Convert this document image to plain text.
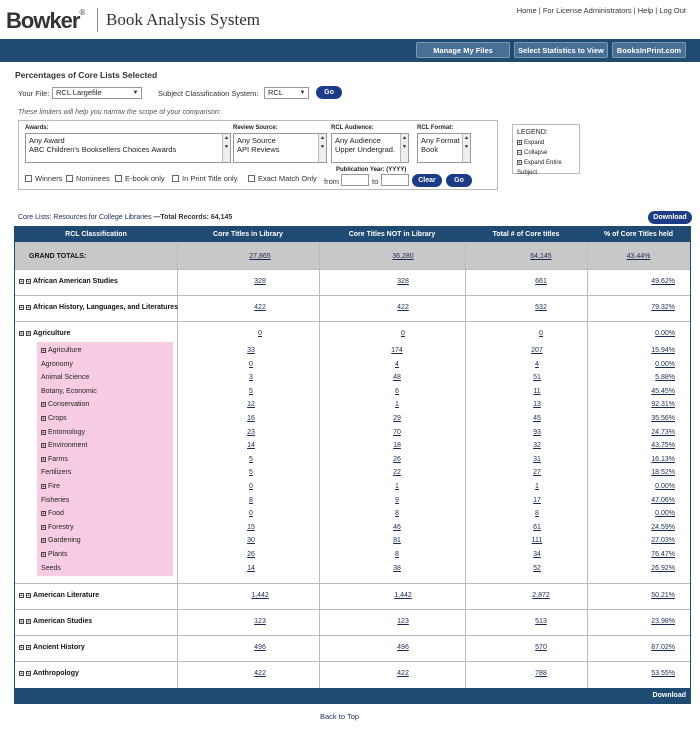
Bowker® Book Analysis System	Home | For License Administrators | Help | Log Out
Manage My Files	Select Statistics to View	BooksInPrint.com
Percentages of Core Lists Selected
Your File: RCL Largefile	▼	Subject Classification System:	RCL	▼	Go
These limiters will help you narrow the scope of your comparison:
Awards:
Any Award
ABC Children's Booksellers Choices Awards
▲
▼
Review Source:
Any Source
API Reviews
▲
▼
RCL Audience:
Any Audience
Upper Undergrad.
▲
▼
RCL Format:
Any Format
Book
▲
▼
Winners	Nominees	E-book only	In Print Title only	Exact Match Only
Publication Year: (YYYY)
from	to	Clear	Go
LEGEND:
+ Expand
− Collapse
+ Expand Entire Subject
Core Lists: Resources for College Libraries —Total Records: 64,145	Download
RCL Classification	Core Titles in Library	Core Titles NOT in Library	Total # of Core titles	% of Core Titles held
GRAND TOTALS:	27,865	36,280	64,145	43.44%
+ + African American Studies	328	328	661	49.62%
+ + African History, Languages, and Literatures	422	422	532	79.32%
+ + Agriculture	0	0	0	0.00%
+ Agriculture	33	174	207	15.94%
Agronomy	0	4	4	0.00%
Animal Science	3	48	51	5.88%
Botany, Economic	5	6	11	45.45%
+ Conservation	12	1	13	92.31%
+ Crops	16	29	45	35.56%
+ Entomology	23	70	93	24.73%
+ Environment	14	18	32	43.75%
+ Farms	5	26	31	16.13%
Fertilizers	5	22	27	18.52%
+ Fire	0	1	1	0.00%
Fisheries	8	9	17	47.06%
+ Food	0	8	8	0.00%
+ Forestry	15	46	61	24.59%
+ Gardening	30	81	111	27.03%
+ Plants	26	8	34	76.47%
Seeds	14	38	52	26.92%
+ + American Literature	1,442	1,442	2,872	50.21%
+ + American Studies	123	123	513	23.98%
+ + Ancient History	496	496	570	87.02%
+ + Anthropology	422	422	788	53.55%
Download
Back to Top
